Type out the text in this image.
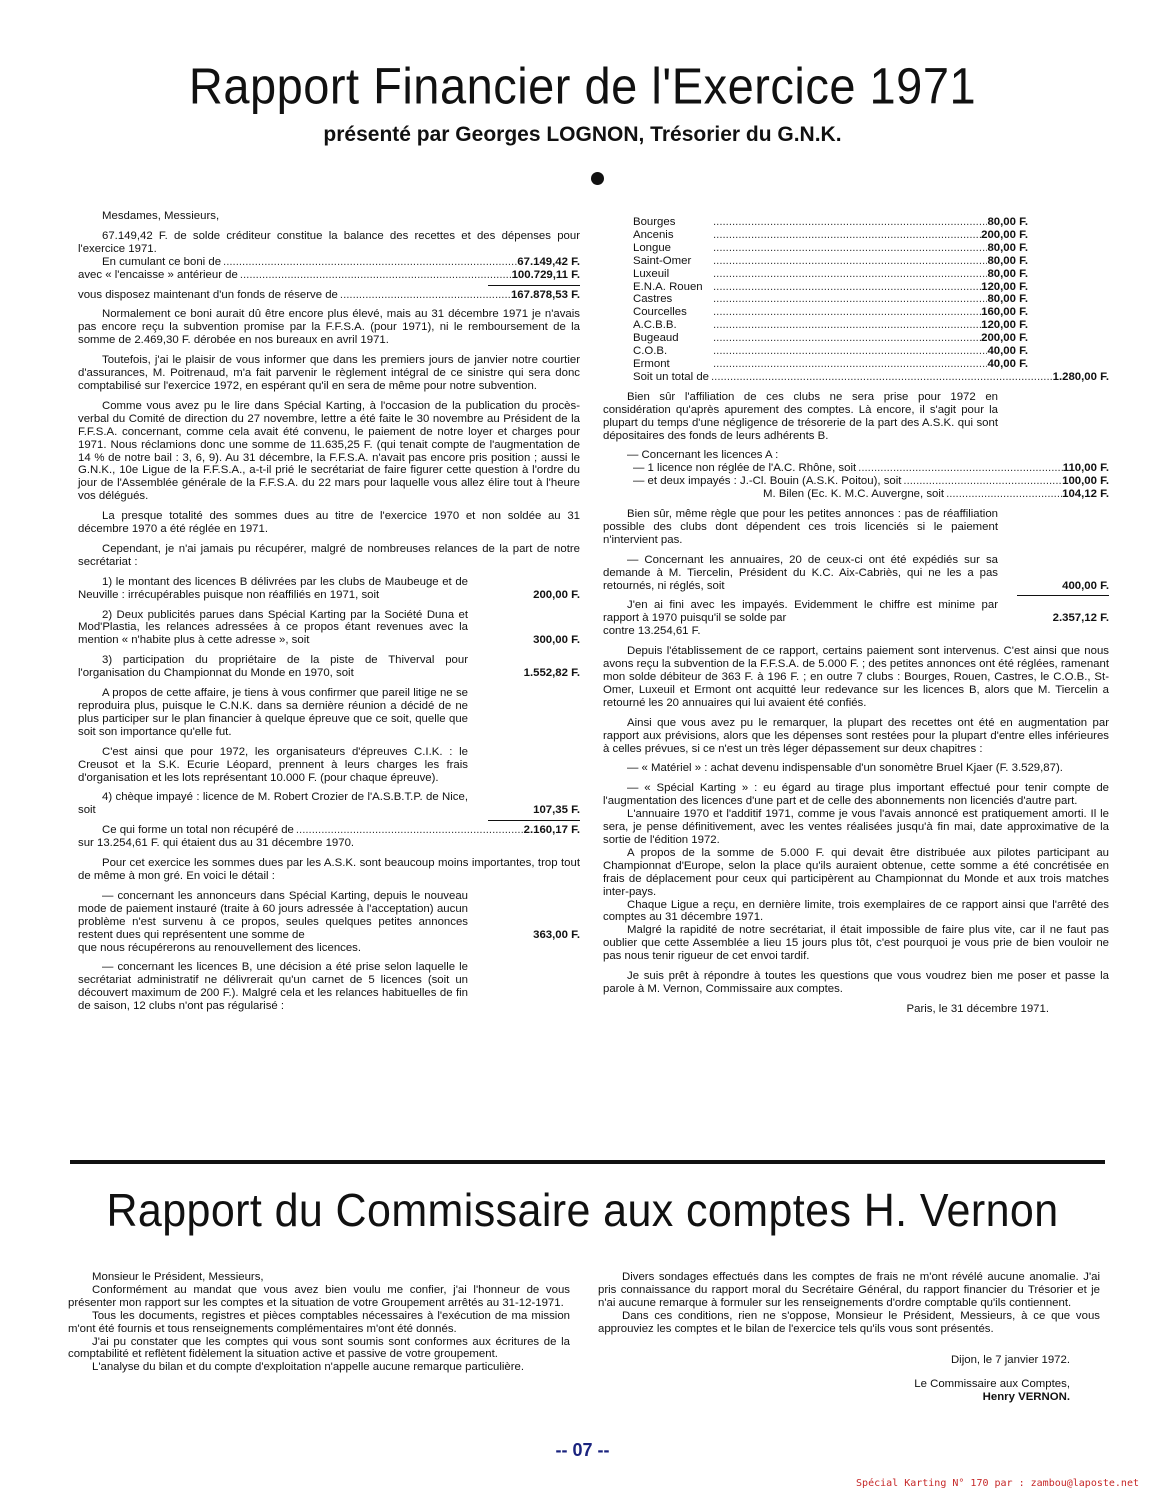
Rapport Financier de l'Exercice 1971
présenté par Georges LOGNON, Trésorier du G.N.K.

Mesdames, Messieurs,

67.149,42 F. de solde créditeur constitue la balance des recettes et des dépenses pour l'exercice 1971.

En cumulant ce boni de .....	67.149,42 F.
avec « l'encaisse » antérieur de .....	100.729,11 F.
vous disposez maintenant d'un fonds de réserve de .....	167.878,53 F.

Normalement ce boni aurait dû être encore plus élevé, mais au 31 décembre 1971 je n'avais pas encore reçu la subvention promise par la F.F.S.A. (pour 1971), ni le remboursement de la somme de 2.469,30 F. dérobée en nos bureaux en avril 1971.

Toutefois, j'ai le plaisir de vous informer que dans les premiers jours de janvier notre courtier d'assurances, M. Poitrenaud, m'a fait parvenir le règlement intégral de ce sinistre qui sera donc comptabilisé sur l'exercice 1972, en espérant qu'il en sera de même pour notre subvention.

Comme vous avez pu le lire dans Spécial Karting, à l'occasion de la publication du procès-verbal du Comité de direction du 27 novembre, lettre a été faite le 30 novembre au Président de la F.F.S.A. concernant, comme cela avait été convenu, le paiement de notre loyer et charges pour 1971. Nous réclamions donc une somme de 11.635,25 F. (qui tenait compte de l'augmentation de 14 % de notre bail : 3, 6, 9). Au 31 décembre, la F.F.S.A. n'avait pas encore pris position ; aussi le G.N.K., 10e Ligue de la F.F.S.A., a-t-il prié le secrétariat de faire figurer cette question à l'ordre du jour de l'Assemblée générale de la F.F.S.A. du 22 mars pour laquelle vous allez élire tout à l'heure vos délégués.

La presque totalité des sommes dues au titre de l'exercice 1970 et non soldée au 31 décembre 1970 a été réglée en 1971.

Cependant, je n'ai jamais pu récupérer, malgré de nombreuses relances de la part de notre secrétariat :

1) le montant des licences B délivrées par les clubs de Maubeuge et de Neuville : irrécupérables puisque non réaffiliés en 1971, soit	200,00 F.

2) Deux publicités parues dans Spécial Karting par la Société Duna et Mod'Plastia, les relances adressées à ce propos étant revenues avec la mention « n'habite plus à cette adresse », soit	300,00 F.

3) participation du propriétaire de la piste de Thiverval pour l'organisation du Championnat du Monde en 1970, soit	1.552,82 F.

A propos de cette affaire, je tiens à vous confirmer que pareil litige ne se reproduira plus, puisque le C.N.K. dans sa dernière réunion a décidé de ne plus participer sur le plan financier à quelque épreuve que ce soit, quelle que soit son importance qu'elle fut.

C'est ainsi que pour 1972, les organisateurs d'épreuves C.I.K. : le Creusot et la S.K. Ecurie Léopard, prennent à leurs charges les frais d'organisation et les lots représentant 10.000 F. (pour chaque épreuve).

4) chèque impayé : licence de M. Robert Crozier de l'A.S.B.T.P. de Nice, soit	107,35 F.
Ce qui forme un total non récupéré de .....	2.160,17 F.

sur 13.254,61 F. qui étaient dus au 31 décembre 1970.

Pour cet exercice les sommes dues par les A.S.K. sont beaucoup moins importantes, trop tout de même à mon gré. En voici le détail :

— concernant les annonceurs dans Spécial Karting, depuis le nouveau mode de paiement instauré (traite à 60 jours adressée à l'acceptation) aucun problème n'est survenu à ce propos, seules quelques petites annonces restent dues qui représentent une somme de	363,00 F.

que nous récupérerons au renouvellement des licences.

— concernant les licences B, une décision a été prise selon laquelle le secrétariat administratif ne délivrerait qu'un carnet de 5 licences (soit un découvert maximum de 200 F.). Malgré cela et les relances habituelles de fin de saison, 12 clubs n'ont pas régularisé :

Bourges .....	80,00 F.
Ancenis .....	200,00 F.
Longue .....	80,00 F.
Saint-Omer .....	80,00 F.
Luxeuil .....	80,00 F.
E.N.A. Rouen .....	120,00 F.
Castres .....	80,00 F.
Courcelles .....	160,00 F.
A.C.B.B. .....	120,00 F.
Bugeaud .....	200,00 F.
C.O.B. .....	40,00 F.
Ermont .....	40,00 F.
Soit un total de .....	1.280,00 F.

Bien sûr l'affiliation de ces clubs ne sera prise pour 1972 en considération qu'après apurement des comptes. Là encore, il s'agit pour la plupart du temps d'une négligence de trésorerie de la part des A.S.K. qui sont dépositaires des fonds de leurs adhérents B.

— Concernant les licences A :

— 1 licence non réglée de l'A.C. Rhône, soit .....	110,00 F.
— et deux impayés : J.-Cl. Bouin (A.S.K. Poitou), soit .....	100,00 F.
M. Bilen (Ec. K. M.C. Auvergne, soit .....	104,12 F.

Bien sûr, même règle que pour les petites annonces : pas de réaffiliation possible des clubs dont dépendent ces trois licenciés si le paiement n'intervient pas.

— Concernant les annuaires, 20 de ceux-ci ont été expédiés sur sa demande à M. Tiercelin, Président du K.C. Aix-Cabriès, qui ne les a pas retournés, ni réglés, soit	400,00 F.

J'en ai fini avec les impayés. Evidemment le chiffre est minime par rapport à 1970 puisqu'il se solde par	2.357,12 F.

contre 13.254,61 F.

Depuis l'établissement de ce rapport, certains paiement sont intervenus. C'est ainsi que nous avons reçu la subvention de la F.F.S.A. de 5.000 F. ; des petites annonces ont été réglées, ramenant mon solde débiteur de 363 F. à 196 F. ; en outre 7 clubs : Bourges, Rouen, Castres, le C.O.B., St-Omer, Luxeuil et Ermont ont acquitté leur redevance sur les licences B, alors que M. Tiercelin a retourné les 20 annuaires qui lui avaient été confiés.

Ainsi que vous avez pu le remarquer, la plupart des recettes ont été en augmentation par rapport aux prévisions, alors que les dépenses sont restées pour la plupart d'entre elles inférieures à celles prévues, si ce n'est un très léger dépassement sur deux chapitres :

— « Matériel » : achat devenu indispensable d'un sonomètre Bruel Kjaer (F. 3.529,87).

— « Spécial Karting » : eu égard au tirage plus important effectué pour tenir compte de l'augmentation des licences d'une part et de celle des abonnements non licenciés d'autre part.

L'annuaire 1970 et l'additif 1971, comme je vous l'avais annoncé est pratiquement amorti. Il le sera, je pense définitivement, avec les ventes réalisées jusqu'à fin mai, date approximative de la sortie de l'édition 1972.

A propos de la somme de 5.000 F. qui devait être distribuée aux pilotes participant au Championnat d'Europe, selon la place qu'ils auraient obtenue, cette somme a été concrétisée en frais de déplacement pour ceux qui participèrent au Championnat du Monde et aux trois matches inter-pays.

Chaque Ligue a reçu, en dernière limite, trois exemplaires de ce rapport ainsi que l'arrêté des comptes au 31 décembre 1971.

Malgré la rapidité de notre secrétariat, il était impossible de faire plus vite, car il ne faut pas oublier que cette Assemblée a lieu 15 jours plus tôt, c'est pourquoi je vous prie de bien vouloir ne pas nous tenir rigueur de cet envoi tardif.

Je suis prêt à répondre à toutes les questions que vous voudrez bien me poser et passe la parole à M. Vernon, Commissaire aux comptes.

Paris, le 31 décembre 1971.

Rapport du Commissaire aux comptes H. Vernon

Monsieur le Président, Messieurs,

Conformément au mandat que vous avez bien voulu me confier, j'ai l'honneur de vous présenter mon rapport sur les comptes et la situation de votre Groupement arrêtés au 31-12-1971.

Tous les documents, registres et pièces comptables nécessaires à l'exécution de ma mission m'ont été fournis et tous renseignements complémentaires m'ont été donnés.

J'ai pu constater que les comptes qui vous sont soumis sont conformes aux écritures de la comptabilité et reflètent fidèlement la situation active et passive de votre groupement.

L'analyse du bilan et du compte d'exploitation n'appelle aucune remarque particulière.

Divers sondages effectués dans les comptes de frais ne m'ont révélé aucune anomalie. J'ai pris connaissance du rapport moral du Secrétaire Général, du rapport financier du Trésorier et je n'ai aucune remarque à formuler sur les renseignements d'ordre comptable qu'ils contiennent.

Dans ces conditions, rien ne s'oppose, Monsieur le Président, Messieurs, à ce que vous approuviez les comptes et le bilan de l'exercice tels qu'ils vous sont présentés.

Dijon, le 7 janvier 1972.

Le Commissaire aux Comptes,

Henry VERNON.

-- 07 --
Spécial Karting N° 170 par : zambou@laposte.net
